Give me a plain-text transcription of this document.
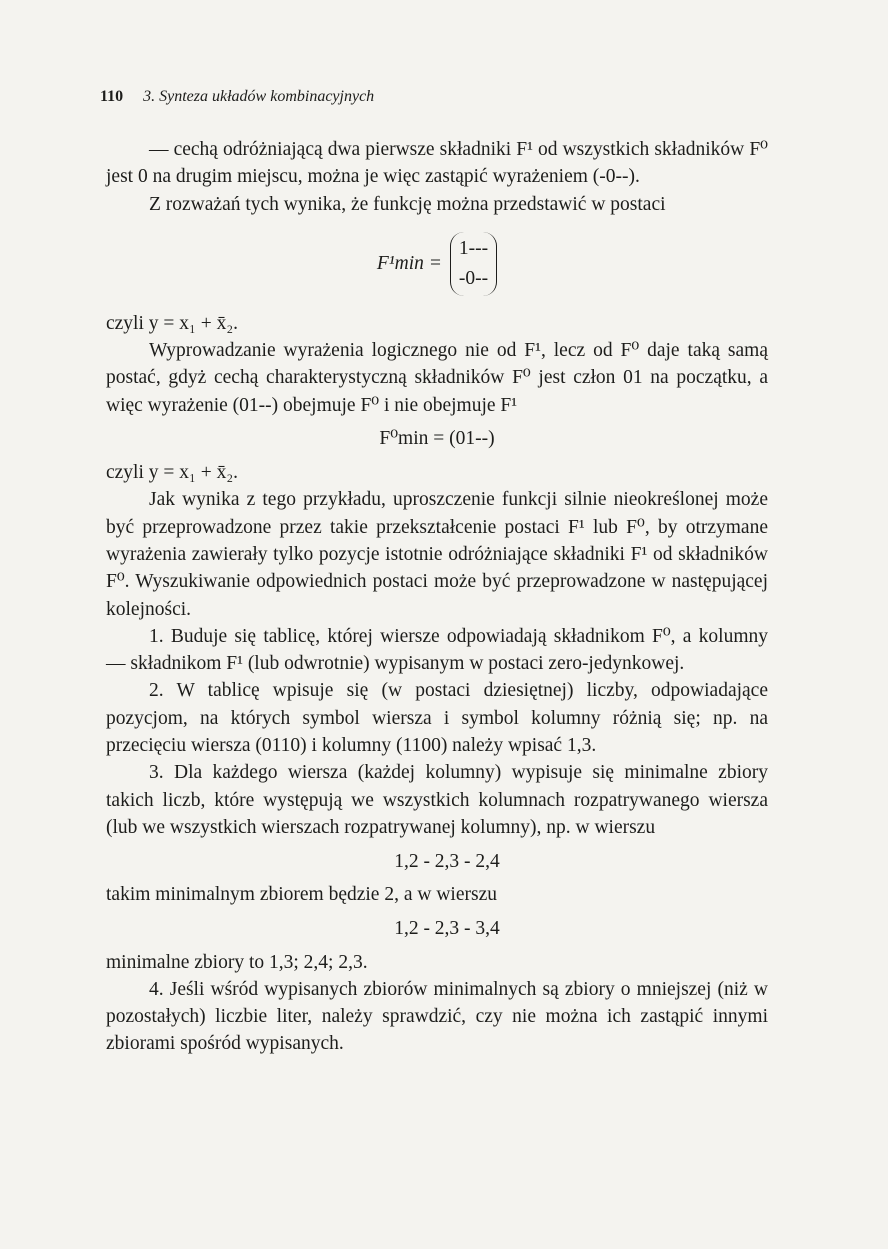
110 3. Synteza układów kombinacyjnych

— cechą odróżniającą dwa pierwsze składniki F¹ od wszystkich składników F⁰ jest 0 na drugim miejscu, można je więc zastąpić wyrażeniem (-0--).

Z rozważań tych wynika, że funkcję można przedstawić w postaci

F¹min =
1---
-0--

czyli y = x₁ + x̄₂.

Wyprowadzanie wyrażenia logicznego nie od F¹, lecz od F⁰ daje taką samą postać, gdyż cechą charakterystyczną składników F⁰ jest człon 01 na początku, a więc wyrażenie (01--) obejmuje F⁰ i nie obejmuje F¹

F⁰min = (01--)

czyli y = x₁ + x̄₂.

Jak wynika z tego przykładu, uproszczenie funkcji silnie nieokreślonej może być przeprowadzone przez takie przekształcenie postaci F¹ lub F⁰, by otrzymane wyrażenia zawierały tylko pozycje istotnie odróżniające składniki F¹ od składników F⁰. Wyszukiwanie odpowiednich postaci może być przeprowadzone w następującej kolejności.

1. Buduje się tablicę, której wiersze odpowiadają składnikom F⁰, a kolumny — składnikom F¹ (lub odwrotnie) wypisanym w postaci zero-jedynkowej.

2. W tablicę wpisuje się (w postaci dziesiętnej) liczby, odpowiadające pozycjom, na których symbol wiersza i symbol kolumny różnią się; np. na przecięciu wiersza (0110) i kolumny (1100) należy wpisać 1,3.

3. Dla każdego wiersza (każdej kolumny) wypisuje się minimalne zbiory takich liczb, które występują we wszystkich kolumnach rozpatrywanego wiersza (lub we wszystkich wierszach rozpatrywanej kolumny), np. w wierszu

1,2 - 2,3 - 2,4

takim minimalnym zbiorem będzie 2, a w wierszu

1,2 - 2,3 - 3,4

minimalne zbiory to 1,3; 2,4; 2,3.

4. Jeśli wśród wypisanych zbiorów minimalnych są zbiory o mniejszej (niż w pozostałych) liczbie liter, należy sprawdzić, czy nie można ich zastąpić innymi zbiorami spośród wypisanych.
